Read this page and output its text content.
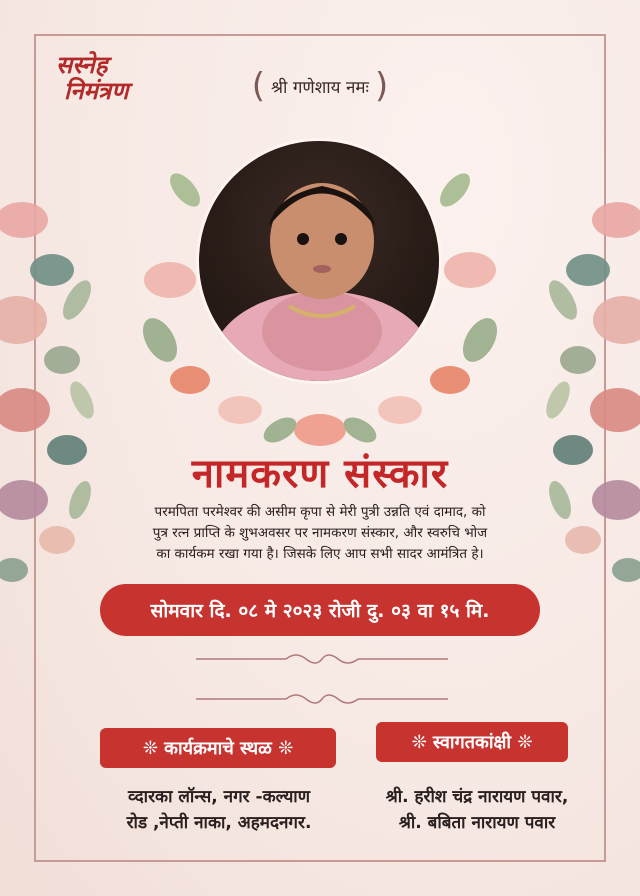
सस्नेह
निमंत्रण	( श्री गणेशाय नमः )
नामकरण संस्कार
परमपिता परमेश्वर की असीम कृपा से मेरी पुत्री उन्नति एवं दामाद, को
पुत्र रत्न प्राप्ति के शुभअवसर पर नामकरण संस्कार, और स्वरुचि भोज
का कार्यकम रखा गया है। जिसके लिए आप सभी सादर आमंत्रित हे।
सोमवार दि. ०८ मे २०२३ रोजी दु. ०३ वा १५ मि.
❊ कार्यक्रमाचे स्थळ ❊	❊ स्वागतकांक्षी ❊
व्दारका लॉन्स, नगर -कल्याण
रोड ,नेप्ती नाका, अहमदनगर.
श्री. हरीश चंद्र नारायण पवार,
श्री. बबिता नारायण पवार
